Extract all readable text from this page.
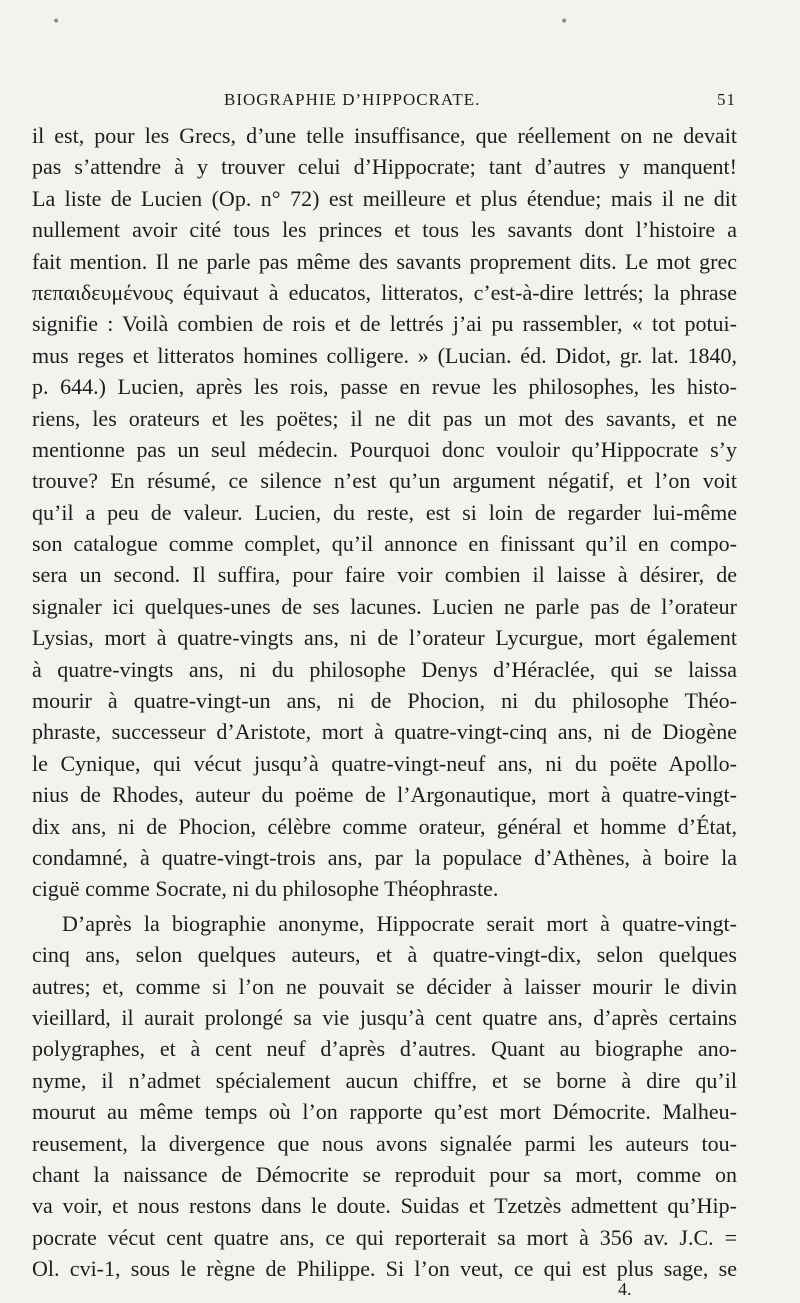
•	•
BIOGRAPHIE D’HIPPOCRATE.	51
il est, pour les Grecs, d’une telle insuffisance, que réellement on ne devait
pas s’attendre à y trouver celui d’Hippocrate; tant d’autres y manquent!
La liste de Lucien (Op. n° 72) est meilleure et plus étendue; mais il ne dit
nullement avoir cité tous les princes et tous les savants dont l’histoire a
fait mention. Il ne parle pas même des savants proprement dits. Le mot grec
πεπαιδευμένους équivaut à educatos, litteratos, c’est-à-dire lettrés; la phrase
signifie : Voilà combien de rois et de lettrés j’ai pu rassembler, « tot potui-
mus reges et litteratos homines colligere. » (Lucian. éd. Didot, gr. lat. 1840,
p. 644.) Lucien, après les rois, passe en revue les philosophes, les histo-
riens, les orateurs et les poëtes; il ne dit pas un mot des savants, et ne
mentionne pas un seul médecin. Pourquoi donc vouloir qu’Hippocrate s’y
trouve? En résumé, ce silence n’est qu’un argument négatif, et l’on voit
qu’il a peu de valeur. Lucien, du reste, est si loin de regarder lui-même
son catalogue comme complet, qu’il annonce en finissant qu’il en compo-
sera un second. Il suffira, pour faire voir combien il laisse à désirer, de
signaler ici quelques-unes de ses lacunes. Lucien ne parle pas de l’orateur
Lysias, mort à quatre-vingts ans, ni de l’orateur Lycurgue, mort également
à quatre-vingts ans, ni du philosophe Denys d’Héraclée, qui se laissa
mourir à quatre-vingt-un ans, ni de Phocion, ni du philosophe Théo-
phraste, successeur d’Aristote, mort à quatre-vingt-cinq ans, ni de Diogène
le Cynique, qui vécut jusqu’à quatre-vingt-neuf ans, ni du poëte Apollo-
nius de Rhodes, auteur du poëme de l’Argonautique, mort à quatre-vingt-
dix ans, ni de Phocion, célèbre comme orateur, général et homme d’État,
condamné, à quatre-vingt-trois ans, par la populace d’Athènes, à boire la
ciguë comme Socrate, ni du philosophe Théophraste.
D’après la biographie anonyme, Hippocrate serait mort à quatre-vingt-
cinq ans, selon quelques auteurs, et à quatre-vingt-dix, selon quelques
autres; et, comme si l’on ne pouvait se décider à laisser mourir le divin
vieillard, il aurait prolongé sa vie jusqu’à cent quatre ans, d’après certains
polygraphes, et à cent neuf d’après d’autres. Quant au biographe ano-
nyme, il n’admet spécialement aucun chiffre, et se borne à dire qu’il
mourut au même temps où l’on rapporte qu’est mort Démocrite. Malheu-
reusement, la divergence que nous avons signalée parmi les auteurs tou-
chant la naissance de Démocrite se reproduit pour sa mort, comme on
va voir, et nous restons dans le doute. Suidas et Tzetzès admettent qu’Hip-
pocrate vécut cent quatre ans, ce qui reporterait sa mort à 356 av. J.C. =
Ol. cvi-1, sous le règne de Philippe. Si l’on veut, ce qui est plus sage, se
4.
